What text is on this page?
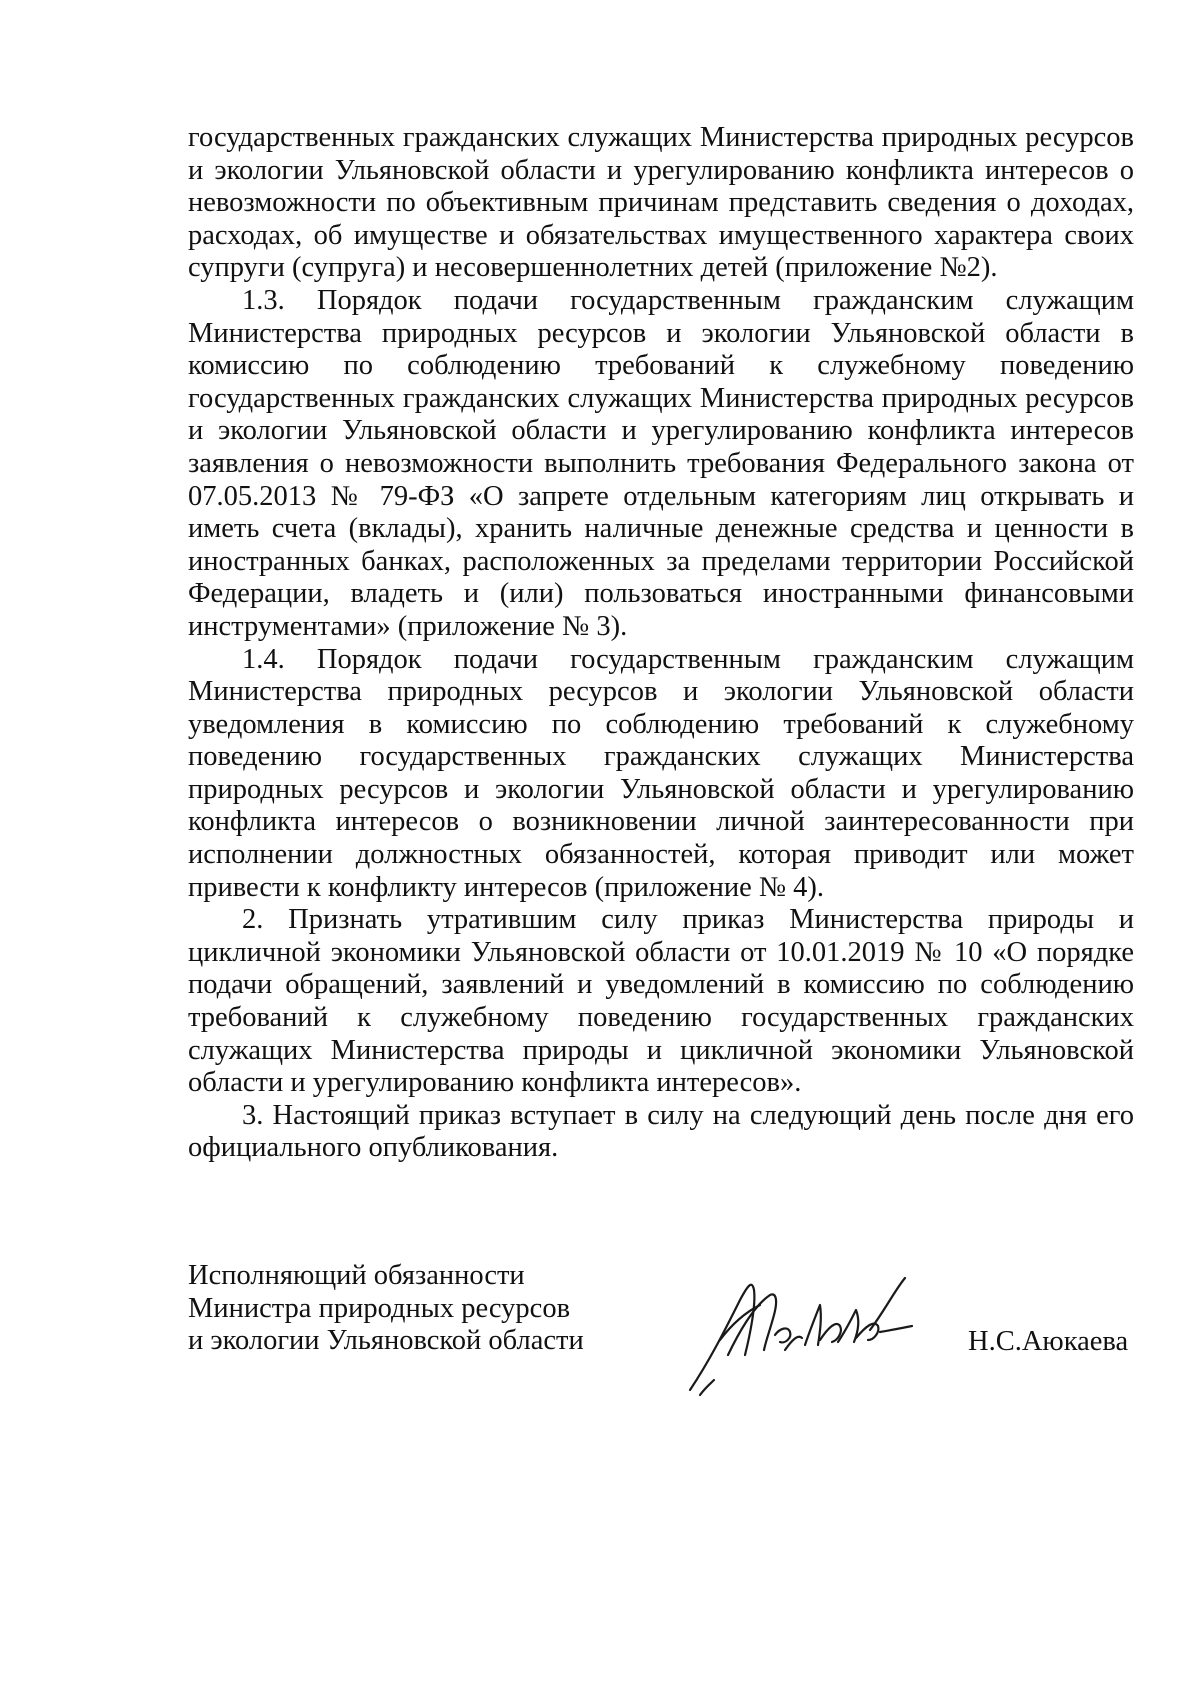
государственных гражданских служащих Министерства природных ресурсов и экологии Ульяновской области и урегулированию конфликта интересов о невозможности по объективным причинам представить сведения о доходах, расходах, об имуществе и обязательствах имущественного характера своих супруги (супруга) и несовершеннолетних детей (приложение №2).

1.3. Порядок подачи государственным гражданским служащим Министерства природных ресурсов и экологии Ульяновской области в комиссию по соблюдению требований к служебному поведению государственных гражданских служащих Министерства природных ресурсов и экологии Ульяновской области и урегулированию конфликта интересов заявления о невозможности выполнить требования Федерального закона от 07.05.2013 № 79-ФЗ «О запрете отдельным категориям лиц открывать и иметь счета (вклады), хранить наличные денежные средства и ценности в иностранных банках, расположенных за пределами территории Российской Федерации, владеть и (или) пользоваться иностранными финансовыми инструментами» (приложение № 3).

1.4. Порядок подачи государственным гражданским служащим Министерства природных ресурсов и экологии Ульяновской области уведомления в комиссию по соблюдению требований к служебному поведению государственных гражданских служащих Министерства природных ресурсов и экологии Ульяновской области и урегулированию конфликта интересов о возникновении личной заинтересованности при исполнении должностных обязанностей, которая приводит или может привести к конфликту интересов (приложение № 4).

2. Признать утратившим силу приказ Министерства природы и цикличной экономики Ульяновской области от 10.01.2019 № 10 «О порядке подачи обращений, заявлений и уведомлений в комиссию по соблюдению требований к служебному поведению государственных гражданских служащих Министерства природы и цикличной экономики Ульяновской области и урегулированию конфликта интересов».

3. Настоящий приказ вступает в силу на следующий день после дня его официального опубликования.

Исполняющий обязанности
Министра природных ресурсов
и экологии Ульяновской области	Н.С.Аюкаева
